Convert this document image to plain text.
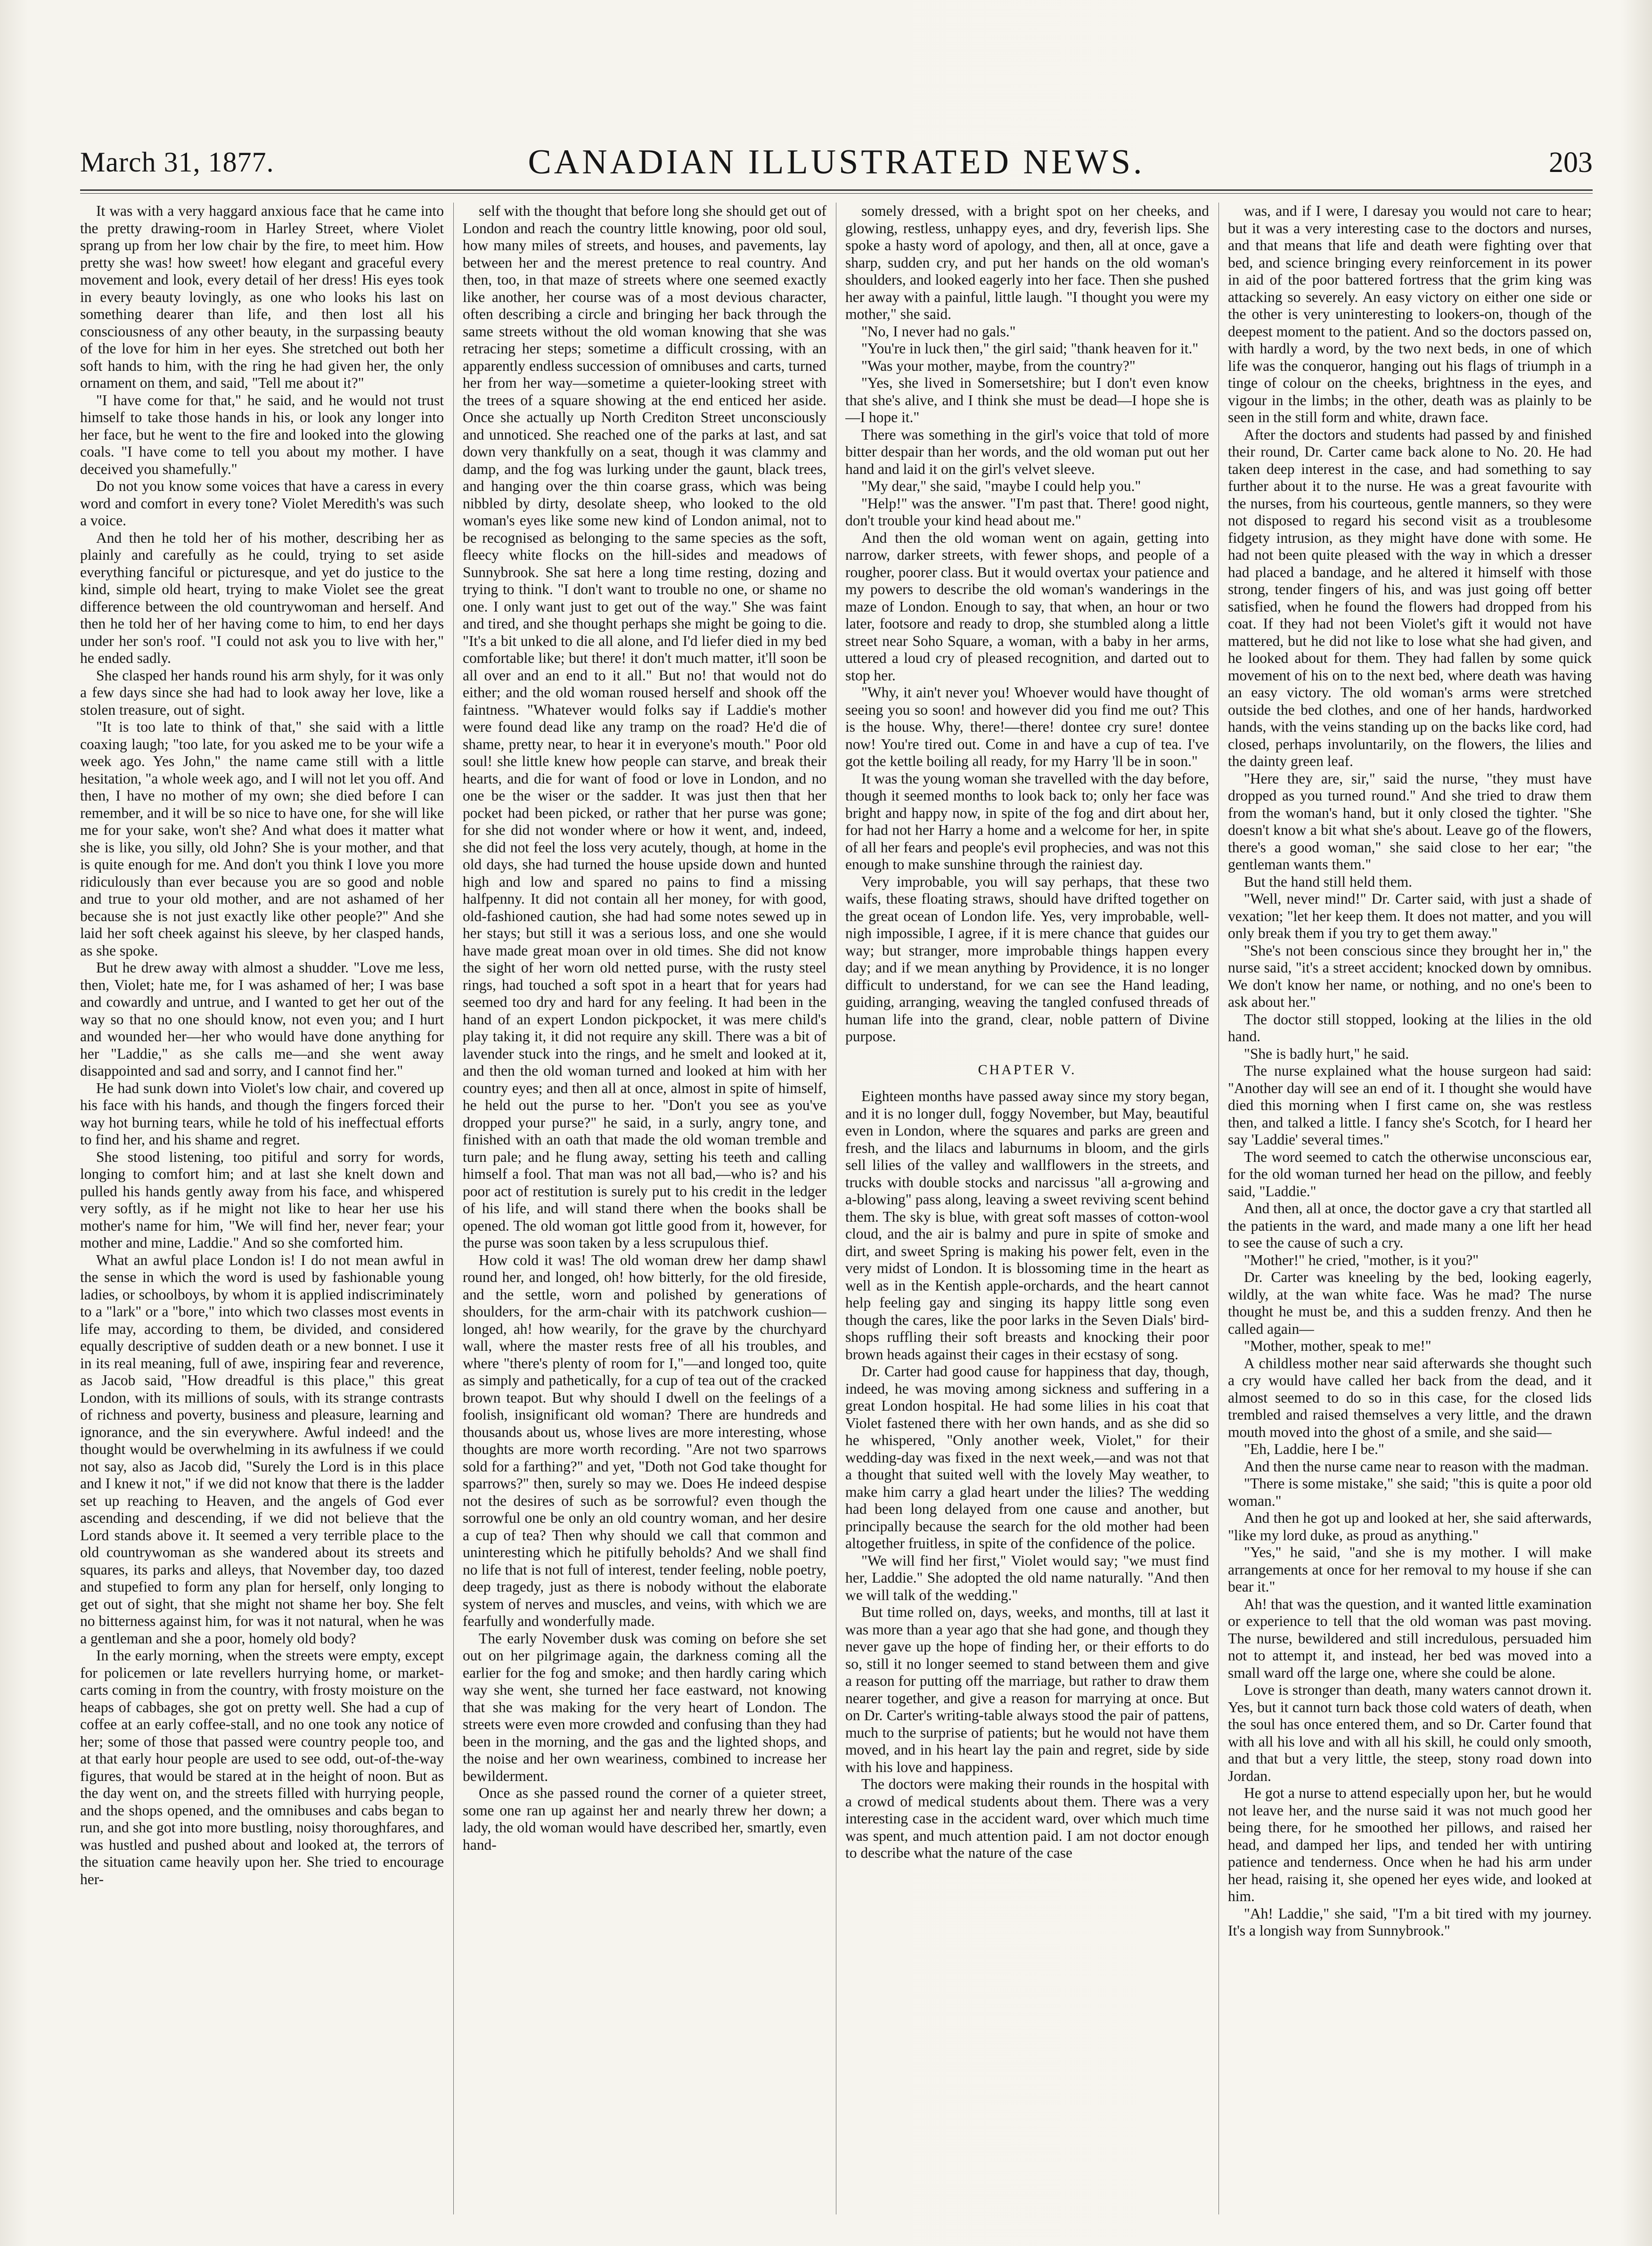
March 31, 1877.	CANADIAN ILLUSTRATED NEWS.	203

It was with a very haggard anxious face that he came into the pretty drawing-room in Harley Street, where Violet sprang up from her low chair by the fire, to meet him. How pretty she was! how sweet! how elegant and graceful every movement and look, every detail of her dress! His eyes took in every beauty lovingly, as one who looks his last on something dearer than life, and then lost all his consciousness of any other beauty, in the surpassing beauty of the love for him in her eyes. She stretched out both her soft hands to him, with the ring he had given her, the only ornament on them, and said, "Tell me about it?"

"I have come for that," he said, and he would not trust himself to take those hands in his, or look any longer into her face, but he went to the fire and looked into the glowing coals. "I have come to tell you about my mother. I have deceived you shamefully."

Do not you know some voices that have a caress in every word and comfort in every tone? Violet Meredith's was such a voice.

And then he told her of his mother, describing her as plainly and carefully as he could, trying to set aside everything fanciful or picturesque, and yet do justice to the kind, simple old heart, trying to make Violet see the great difference between the old countrywoman and herself. And then he told her of her having come to him, to end her days under her son's roof. "I could not ask you to live with her," he ended sadly.

She clasped her hands round his arm shyly, for it was only a few days since she had had to look away her love, like a stolen treasure, out of sight.

"It is too late to think of that," she said with a little coaxing laugh; "too late, for you asked me to be your wife a week ago. Yes John," the name came still with a little hesitation, "a whole week ago, and I will not let you off. And then, I have no mother of my own; she died before I can remember, and it will be so nice to have one, for she will like me for your sake, won't she? And what does it matter what she is like, you silly, old John? She is your mother, and that is quite enough for me. And don't you think I love you more ridiculously than ever because you are so good and noble and true to your old mother, and are not ashamed of her because she is not just exactly like other people?" And she laid her soft cheek against his sleeve, by her clasped hands, as she spoke.

But he drew away with almost a shudder. "Love me less, then, Violet; hate me, for I was ashamed of her; I was base and cowardly and untrue, and I wanted to get her out of the way so that no one should know, not even you; and I hurt and wounded her—her who would have done anything for her "Laddie," as she calls me—and she went away disappointed and sad and sorry, and I cannot find her."

He had sunk down into Violet's low chair, and covered up his face with his hands, and though the fingers forced their way hot burning tears, while he told of his ineffectual efforts to find her, and his shame and regret.

She stood listening, too pitiful and sorry for words, longing to comfort him; and at last she knelt down and pulled his hands gently away from his face, and whispered very softly, as if he might not like to hear her use his mother's name for him, "We will find her, never fear; your mother and mine, Laddie." And so she comforted him.

What an awful place London is! I do not mean awful in the sense in which the word is used by fashionable young ladies, or schoolboys, by whom it is applied indiscriminately to a "lark" or a "bore," into which two classes most events in life may, according to them, be divided, and considered equally descriptive of sudden death or a new bonnet. I use it in its real meaning, full of awe, inspiring fear and reverence, as Jacob said, "How dreadful is this place," this great London, with its millions of souls, with its strange contrasts of richness and poverty, business and pleasure, learning and ignorance, and the sin everywhere. Awful indeed! and the thought would be overwhelming in its awfulness if we could not say, also as Jacob did, "Surely the Lord is in this place and I knew it not," if we did not know that there is the ladder set up reaching to Heaven, and the angels of God ever ascending and descending, if we did not believe that the Lord stands above it. It seemed a very terrible place to the old countrywoman as she wandered about its streets and squares, its parks and alleys, that November day, too dazed and stupefied to form any plan for herself, only longing to get out of sight, that she might not shame her boy. She felt no bitterness against him, for was it not natural, when he was a gentleman and she a poor, homely old body?

In the early morning, when the streets were empty, except for policemen or late revellers hurrying home, or market-carts coming in from the country, with frosty moisture on the heaps of cabbages, she got on pretty well. She had a cup of coffee at an early coffee-stall, and no one took any notice of her; some of those that passed were country people too, and at that early hour people are used to see odd, out-of-the-way figures, that would be stared at in the height of noon. But as the day went on, and the streets filled with hurrying people, and the shops opened, and the omnibuses and cabs began to run, and she got into more bustling, noisy thoroughfares, and was hustled and pushed about and looked at, the terrors of the situation came heavily upon her. She tried to encourage her-

self with the thought that before long she should get out of London and reach the country little knowing, poor old soul, how many miles of streets, and houses, and pavements, lay between her and the merest pretence to real country. And then, too, in that maze of streets where one seemed exactly like another, her course was of a most devious character, often describing a circle and bringing her back through the same streets without the old woman knowing that she was retracing her steps; sometime a difficult crossing, with an apparently endless succession of omnibuses and carts, turned her from her way—sometime a quieter-looking street with the trees of a square showing at the end enticed her aside. Once she actually up North Crediton Street unconsciously and unnoticed. She reached one of the parks at last, and sat down very thankfully on a seat, though it was clammy and damp, and the fog was lurking under the gaunt, black trees, and hanging over the thin coarse grass, which was being nibbled by dirty, desolate sheep, who looked to the old woman's eyes like some new kind of London animal, not to be recognised as belonging to the same species as the soft, fleecy white flocks on the hill-sides and meadows of Sunnybrook. She sat here a long time resting, dozing and trying to think. "I don't want to trouble no one, or shame no one. I only want just to get out of the way." She was faint and tired, and she thought perhaps she might be going to die. "It's a bit unked to die all alone, and I'd liefer died in my bed comfortable like; but there! it don't much matter, it'll soon be all over and an end to it all." But no! that would not do either; and the old woman roused herself and shook off the faintness. "Whatever would folks say if Laddie's mother were found dead like any tramp on the road? He'd die of shame, pretty near, to hear it in everyone's mouth." Poor old soul! she little knew how people can starve, and break their hearts, and die for want of food or love in London, and no one be the wiser or the sadder. It was just then that her pocket had been picked, or rather that her purse was gone; for she did not wonder where or how it went, and, indeed, she did not feel the loss very acutely, though, at home in the old days, she had turned the house upside down and hunted high and low and spared no pains to find a missing halfpenny. It did not contain all her money, for with good, old-fashioned caution, she had had some notes sewed up in her stays; but still it was a serious loss, and one she would have made great moan over in old times. She did not know the sight of her worn old netted purse, with the rusty steel rings, had touched a soft spot in a heart that for years had seemed too dry and hard for any feeling. It had been in the hand of an expert London pickpocket, it was mere child's play taking it, it did not require any skill. There was a bit of lavender stuck into the rings, and he smelt and looked at it, and then the old woman turned and looked at him with her country eyes; and then all at once, almost in spite of himself, he held out the purse to her. "Don't you see as you've dropped your purse?" he said, in a surly, angry tone, and finished with an oath that made the old woman tremble and turn pale; and he flung away, setting his teeth and calling himself a fool. That man was not all bad,—who is? and his poor act of restitution is surely put to his credit in the ledger of his life, and will stand there when the books shall be opened. The old woman got little good from it, however, for the purse was soon taken by a less scrupulous thief.

How cold it was! The old woman drew her damp shawl round her, and longed, oh! how bitterly, for the old fireside, and the settle, worn and polished by generations of shoulders, for the arm-chair with its patchwork cushion—longed, ah! how wearily, for the grave by the churchyard wall, where the master rests free of all his troubles, and where "there's plenty of room for I,"—and longed too, quite as simply and pathetically, for a cup of tea out of the cracked brown teapot. But why should I dwell on the feelings of a foolish, insignificant old woman? There are hundreds and thousands about us, whose lives are more interesting, whose thoughts are more worth recording. "Are not two sparrows sold for a farthing?" and yet, "Doth not God take thought for sparrows?" then, surely so may we. Does He indeed despise not the desires of such as be sorrowful? even though the sorrowful one be only an old country woman, and her desire a cup of tea? Then why should we call that common and uninteresting which he pitifully beholds? And we shall find no life that is not full of interest, tender feeling, noble poetry, deep tragedy, just as there is nobody without the elaborate system of nerves and muscles, and veins, with which we are fearfully and wonderfully made.

The early November dusk was coming on before she set out on her pilgrimage again, the darkness coming all the earlier for the fog and smoke; and then hardly caring which way she went, she turned her face eastward, not knowing that she was making for the very heart of London. The streets were even more crowded and confusing than they had been in the morning, and the gas and the lighted shops, and the noise and her own weariness, combined to increase her bewilderment.

Once as she passed round the corner of a quieter street, some one ran up against her and nearly threw her down; a lady, the old woman would have described her, smartly, even hand-

somely dressed, with a bright spot on her cheeks, and glowing, restless, unhappy eyes, and dry, feverish lips. She spoke a hasty word of apology, and then, all at once, gave a sharp, sudden cry, and put her hands on the old woman's shoulders, and looked eagerly into her face. Then she pushed her away with a painful, little laugh. "I thought you were my mother," she said.

"No, I never had no gals."

"You're in luck then," the girl said; "thank heaven for it."

"Was your mother, maybe, from the country?"

"Yes, she lived in Somersetshire; but I don't even know that she's alive, and I think she must be dead—I hope she is—I hope it."

There was something in the girl's voice that told of more bitter despair than her words, and the old woman put out her hand and laid it on the girl's velvet sleeve.

"My dear," she said, "maybe I could help you."

"Help!" was the answer. "I'm past that. There! good night, don't trouble your kind head about me."

And then the old woman went on again, getting into narrow, darker streets, with fewer shops, and people of a rougher, poorer class. But it would overtax your patience and my powers to describe the old woman's wanderings in the maze of London. Enough to say, that when, an hour or two later, footsore and ready to drop, she stumbled along a little street near Soho Square, a woman, with a baby in her arms, uttered a loud cry of pleased recognition, and darted out to stop her.

"Why, it ain't never you! Whoever would have thought of seeing you so soon! and however did you find me out? This is the house. Why, there!—there! dontee cry sure! dontee now! You're tired out. Come in and have a cup of tea. I've got the kettle boiling all ready, for my Harry 'll be in soon."

It was the young woman she travelled with the day before, though it seemed months to look back to; only her face was bright and happy now, in spite of the fog and dirt about her, for had not her Harry a home and a welcome for her, in spite of all her fears and people's evil prophecies, and was not this enough to make sunshine through the rainiest day.

Very improbable, you will say perhaps, that these two waifs, these floating straws, should have drifted together on the great ocean of London life. Yes, very improbable, well-nigh impossible, I agree, if it is mere chance that guides our way; but stranger, more improbable things happen every day; and if we mean anything by Providence, it is no longer difficult to understand, for we can see the Hand leading, guiding, arranging, weaving the tangled confused threads of human life into the grand, clear, noble pattern of Divine purpose.

CHAPTER V.

Eighteen months have passed away since my story began, and it is no longer dull, foggy November, but May, beautiful even in London, where the squares and parks are green and fresh, and the lilacs and laburnums in bloom, and the girls sell lilies of the valley and wallflowers in the streets, and trucks with double stocks and narcissus "all a-growing and a-blowing" pass along, leaving a sweet reviving scent behind them. The sky is blue, with great soft masses of cotton-wool cloud, and the air is balmy and pure in spite of smoke and dirt, and sweet Spring is making his power felt, even in the very midst of London. It is blossoming time in the heart as well as in the Kentish apple-orchards, and the heart cannot help feeling gay and singing its happy little song even though the cares, like the poor larks in the Seven Dials' bird-shops ruffling their soft breasts and knocking their poor brown heads against their cages in their ecstasy of song.

Dr. Carter had good cause for happiness that day, though, indeed, he was moving among sickness and suffering in a great London hospital. He had some lilies in his coat that Violet fastened there with her own hands, and as she did so he whispered, "Only another week, Violet," for their wedding-day was fixed in the next week,—and was not that a thought that suited well with the lovely May weather, to make him carry a glad heart under the lilies? The wedding had been long delayed from one cause and another, but principally because the search for the old mother had been altogether fruitless, in spite of the confidence of the police.

"We will find her first," Violet would say; "we must find her, Laddie." She adopted the old name naturally. "And then we will talk of the wedding."

But time rolled on, days, weeks, and months, till at last it was more than a year ago that she had gone, and though they never gave up the hope of finding her, or their efforts to do so, still it no longer seemed to stand between them and give a reason for putting off the marriage, but rather to draw them nearer together, and give a reason for marrying at once. But on Dr. Carter's writing-table always stood the pair of pattens, much to the surprise of patients; but he would not have them moved, and in his heart lay the pain and regret, side by side with his love and happiness.

The doctors were making their rounds in the hospital with a crowd of medical students about them. There was a very interesting case in the accident ward, over which much time was spent, and much attention paid. I am not doctor enough to describe what the nature of the case

was, and if I were, I daresay you would not care to hear; but it was a very interesting case to the doctors and nurses, and that means that life and death were fighting over that bed, and science bringing every reinforcement in its power in aid of the poor battered fortress that the grim king was attacking so severely. An easy victory on either one side or the other is very uninteresting to lookers-on, though of the deepest moment to the patient. And so the doctors passed on, with hardly a word, by the two next beds, in one of which life was the conqueror, hanging out his flags of triumph in a tinge of colour on the cheeks, brightness in the eyes, and vigour in the limbs; in the other, death was as plainly to be seen in the still form and white, drawn face.

After the doctors and students had passed by and finished their round, Dr. Carter came back alone to No. 20. He had taken deep interest in the case, and had something to say further about it to the nurse. He was a great favourite with the nurses, from his courteous, gentle manners, so they were not disposed to regard his second visit as a troublesome fidgety intrusion, as they might have done with some. He had not been quite pleased with the way in which a dresser had placed a bandage, and he altered it himself with those strong, tender fingers of his, and was just going off better satisfied, when he found the flowers had dropped from his coat. If they had not been Violet's gift it would not have mattered, but he did not like to lose what she had given, and he looked about for them. They had fallen by some quick movement of his on to the next bed, where death was having an easy victory. The old woman's arms were stretched outside the bed clothes, and one of her hands, hardworked hands, with the veins standing up on the backs like cord, had closed, perhaps involuntarily, on the flowers, the lilies and the dainty green leaf.

"Here they are, sir," said the nurse, "they must have dropped as you turned round." And she tried to draw them from the woman's hand, but it only closed the tighter. "She doesn't know a bit what she's about. Leave go of the flowers, there's a good woman," she said close to her ear; "the gentleman wants them."

But the hand still held them.

"Well, never mind!" Dr. Carter said, with just a shade of vexation; "let her keep them. It does not matter, and you will only break them if you try to get them away."

"She's not been conscious since they brought her in," the nurse said, "it's a street accident; knocked down by omnibus. We don't know her name, or nothing, and no one's been to ask about her."

The doctor still stopped, looking at the lilies in the old hand.

"She is badly hurt," he said.

The nurse explained what the house surgeon had said: "Another day will see an end of it. I thought she would have died this morning when I first came on, she was restless then, and talked a little. I fancy she's Scotch, for I heard her say 'Laddie' several times."

The word seemed to catch the otherwise unconscious ear, for the old woman turned her head on the pillow, and feebly said, "Laddie."

And then, all at once, the doctor gave a cry that startled all the patients in the ward, and made many a one lift her head to see the cause of such a cry.

"Mother!" he cried, "mother, is it you?"

Dr. Carter was kneeling by the bed, looking eagerly, wildly, at the wan white face. Was he mad? The nurse thought he must be, and this a sudden frenzy. And then he called again—

"Mother, mother, speak to me!"

A childless mother near said afterwards she thought such a cry would have called her back from the dead, and it almost seemed to do so in this case, for the closed lids trembled and raised themselves a very little, and the drawn mouth moved into the ghost of a smile, and she said—

"Eh, Laddie, here I be."

And then the nurse came near to reason with the madman.

"There is some mistake," she said; "this is quite a poor old woman."

And then he got up and looked at her, she said afterwards, "like my lord duke, as proud as anything."

"Yes," he said, "and she is my mother. I will make arrangements at once for her removal to my house if she can bear it."

Ah! that was the question, and it wanted little examination or experience to tell that the old woman was past moving. The nurse, bewildered and still incredulous, persuaded him not to attempt it, and instead, her bed was moved into a small ward off the large one, where she could be alone.

Love is stronger than death, many waters cannot drown it. Yes, but it cannot turn back those cold waters of death, when the soul has once entered them, and so Dr. Carter found that with all his love and with all his skill, he could only smooth, and that but a very little, the steep, stony road down into Jordan.

He got a nurse to attend especially upon her, but he would not leave her, and the nurse said it was not much good her being there, for he smoothed her pillows, and raised her head, and damped her lips, and tended her with untiring patience and tenderness. Once when he had his arm under her head, raising it, she opened her eyes wide, and looked at him.

"Ah! Laddie," she said, "I'm a bit tired with my journey. It's a longish way from Sunnybrook."
